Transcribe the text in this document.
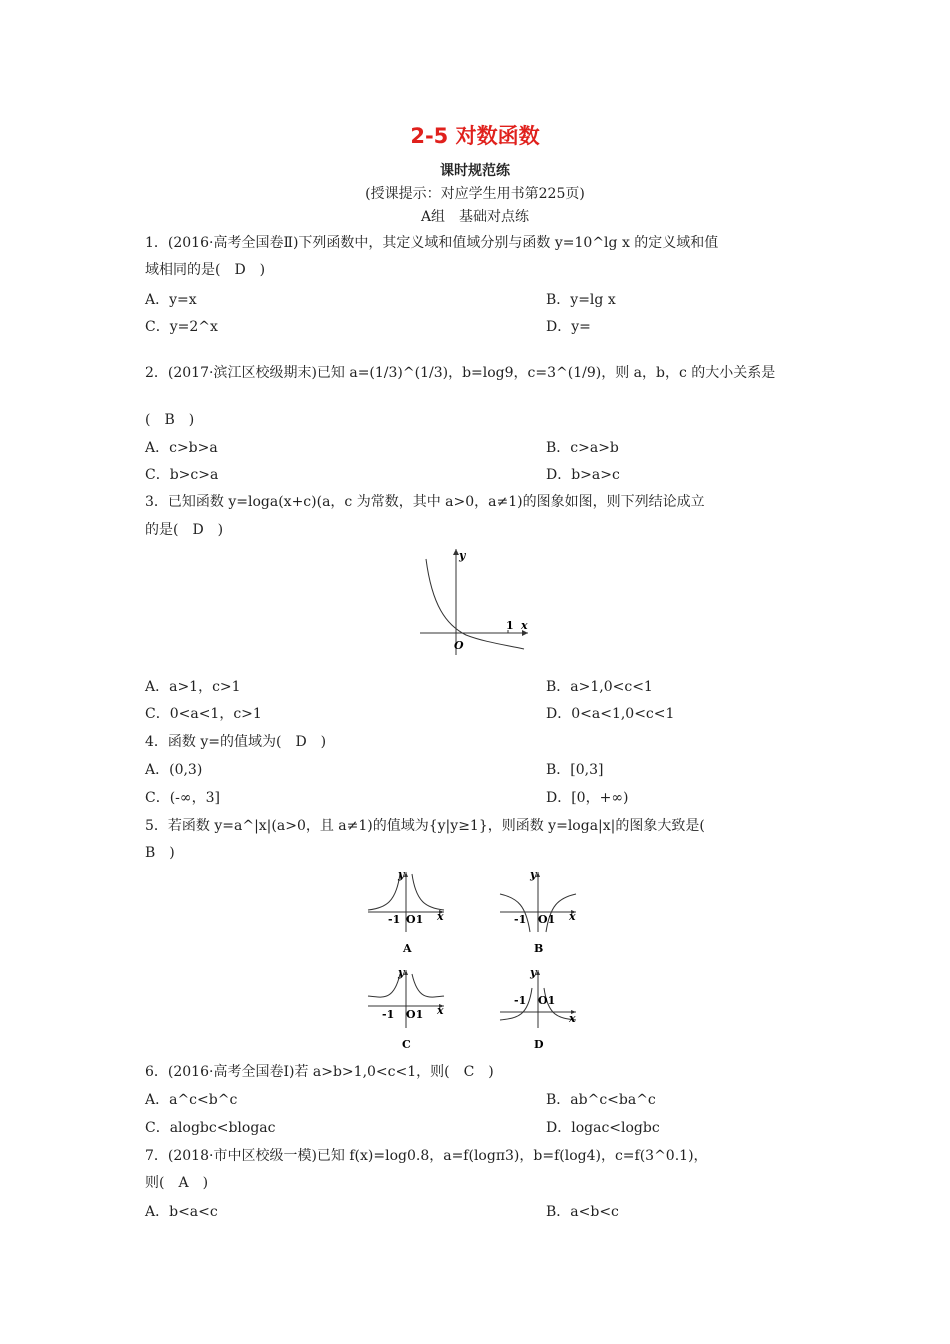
2-5 对数函数
课时规范练
(授课提示：对应学生用书第225页)
A组　基础对点练
1．(2016·高考全国卷Ⅱ)下列函数中，其定义域和值域分别与函数 y=10^lg x 的定义域和值
域相同的是(　D　)
A．y=x	B．y=lg x
C．y=2^x	D．y=
2．(2017·滨江区校级期末)已知 a=(1/3)^(1/3)，b=log9，c=3^(1/9)，则 a，b，c 的大小关系是
(　B　)
A．c>b>a	B．c>a>b
C．b>c>a	D．b>a>c
3．已知函数 y=loga(x+c)(a，c 为常数，其中 a>0，a≠1)的图象如图，则下列结论成立
的是(　D　)
y
x
1
O
A．a>1，c>1	B．a>1,0<c<1
C．0<a<1，c>1	D．0<a<1,0<c<1
4．函数 y=的值域为(　D　)
A．(0,3)	B．[0,3]
C．(-∞，3]	D．[0，+∞)
5．若函数 y=a^|x|(a>0，且 a≠1)的值域为{y|y≥1}，则函数 y=loga|x|的图象大致是(
B　)
y
-1 O1 x
A
y
-1 O1 x
B
y
-1 O1 x
C
y
-1 O1
x
D
6．(2016·高考全国卷Ⅰ)若 a>b>1,0<c<1，则(　C　)
A．a^c<b^c	B．ab^c<ba^c
C．alogbc<blogac	D．logac<logbc
7．(2018·市中区校级一模)已知 f(x)=log0.8，a=f(logπ3)，b=f(log4)，c=f(3^0.1)，
则(　A　)
A．b<a<c	B．a<b<c
